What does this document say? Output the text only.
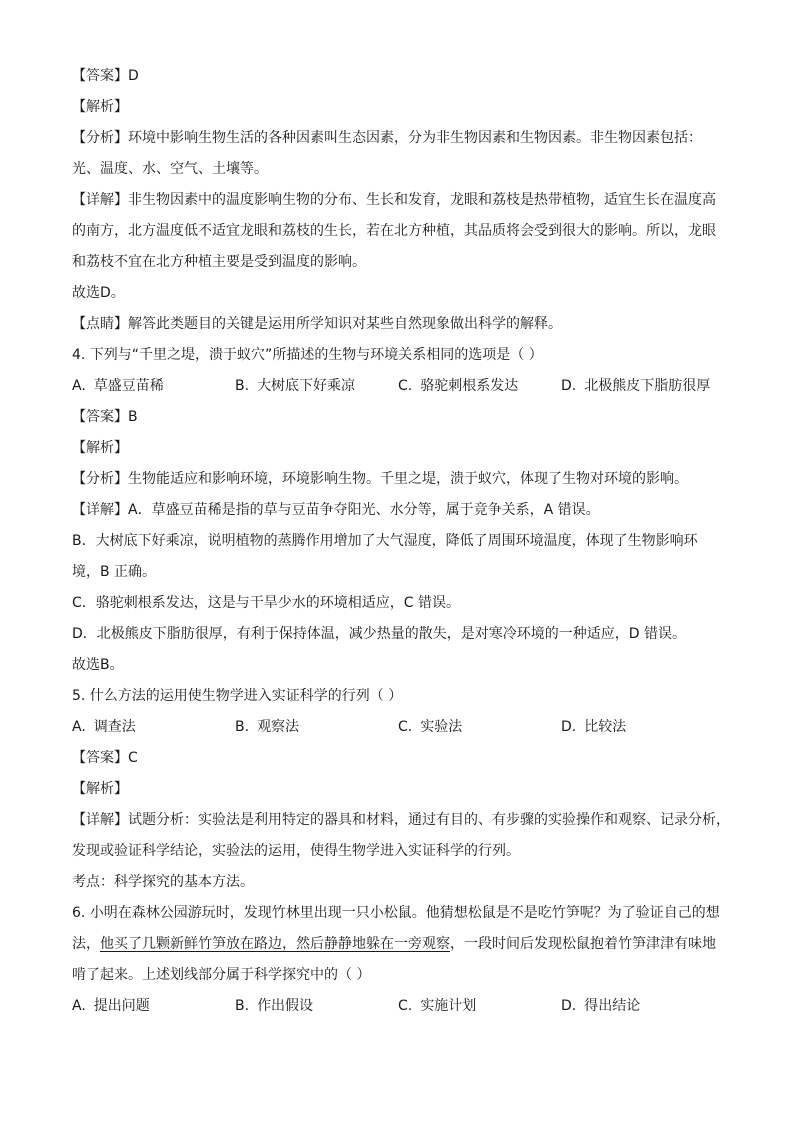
【答案】D
【解析】
【分析】环境中影响生物生活的各种因素叫生态因素，分为非生物因素和生物因素。非生物因素包括：
光、温度、水、空气、土壤等。
【详解】非生物因素中的温度影响生物的分布、生长和发育，龙眼和荔枝是热带植物，适宜生长在温度高
的南方，北方温度低不适宜龙眼和荔枝的生长，若在北方种植，其品质将会受到很大的影响。所以，龙眼
和荔枝不宜在北方种植主要是受到温度的影响。
故选D。
【点睛】解答此类题目的关键是运用所学知识对某些自然现象做出科学的解释。
4. 下列与“千里之堤，溃于蚁穴”所描述的生物与环境关系相同的选项是（ ）
A. 草盛豆苗稀	B. 大树底下好乘凉	C. 骆驼刺根系发达	D. 北极熊皮下脂肪很厚
【答案】B
【解析】
【分析】生物能适应和影响环境，环境影响生物。千里之堤，溃于蚁穴，体现了生物对环境的影响。
【详解】A．草盛豆苗稀是指的草与豆苗争夺阳光、水分等，属于竞争关系，A 错误。
B．大树底下好乘凉，说明植物的蒸腾作用增加了大气湿度，降低了周围环境温度，体现了生物影响环
境，B 正确。
C．骆驼刺根系发达，这是与干旱少水的环境相适应，C 错误。
D．北极熊皮下脂肪很厚，有利于保持体温，减少热量的散失，是对寒冷环境的一种适应，D 错误。
故选B。
5. 什么方法的运用使生物学进入实证科学的行列（ ）
A. 调查法	B. 观察法	C. 实验法	D. 比较法
【答案】C
【解析】
【详解】试题分析：实验法是利用特定的器具和材料，通过有目的、有步骤的实验操作和观察、记录分析，
发现或验证科学结论，实验法的运用，使得生物学进入实证科学的行列。
考点：科学探究的基本方法。
6. 小明在森林公园游玩时，发现竹林里出现一只小松鼠。他猜想松鼠是不是吃竹笋呢？为了验证自己的想
法，他买了几颗新鲜竹笋放在路边，然后静静地躲在一旁观察，一段时间后发现松鼠抱着竹笋津津有味地
啃了起来。上述划线部分属于科学探究中的（ ）
A. 提出问题	B. 作出假设	C. 实施计划	D. 得出结论
